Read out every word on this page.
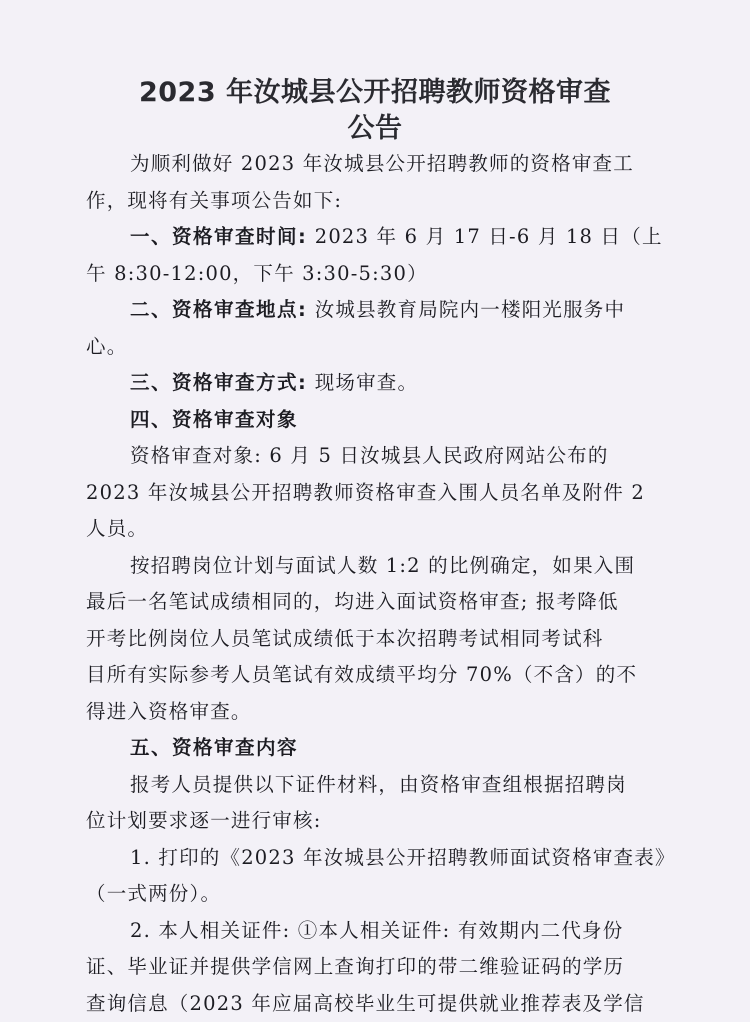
2023 年汝城县公开招聘教师资格审查
公告
为顺利做好 2023 年汝城县公开招聘教师的资格审查工
作，现将有关事项公告如下:
一、资格审查时间: 2023 年 6 月 17 日-6 月 18 日（上
午 8:30-12:00，下午 3:30-5:30）
二、资格审查地点: 汝城县教育局院内一楼阳光服务中
心。
三、资格审查方式: 现场审查。
四、资格审查对象
资格审查对象: 6 月 5 日汝城县人民政府网站公布的
2023 年汝城县公开招聘教师资格审查入围人员名单及附件 2
人员。
按招聘岗位计划与面试人数 1:2 的比例确定，如果入围
最后一名笔试成绩相同的，均进入面试资格审查; 报考降低
开考比例岗位人员笔试成绩低于本次招聘考试相同考试科
目所有实际参考人员笔试有效成绩平均分 70%（不含）的不
得进入资格审查。
五、资格审查内容
报考人员提供以下证件材料，由资格审查组根据招聘岗
位计划要求逐一进行审核:
1. 打印的《2023 年汝城县公开招聘教师面试资格审查表》
（一式两份）。
2. 本人相关证件: ①本人相关证件: 有效期内二代身份
证、毕业证并提供学信网上查询打印的带二维验证码的学历
查询信息（2023 年应届高校毕业生可提供就业推荐表及学信
